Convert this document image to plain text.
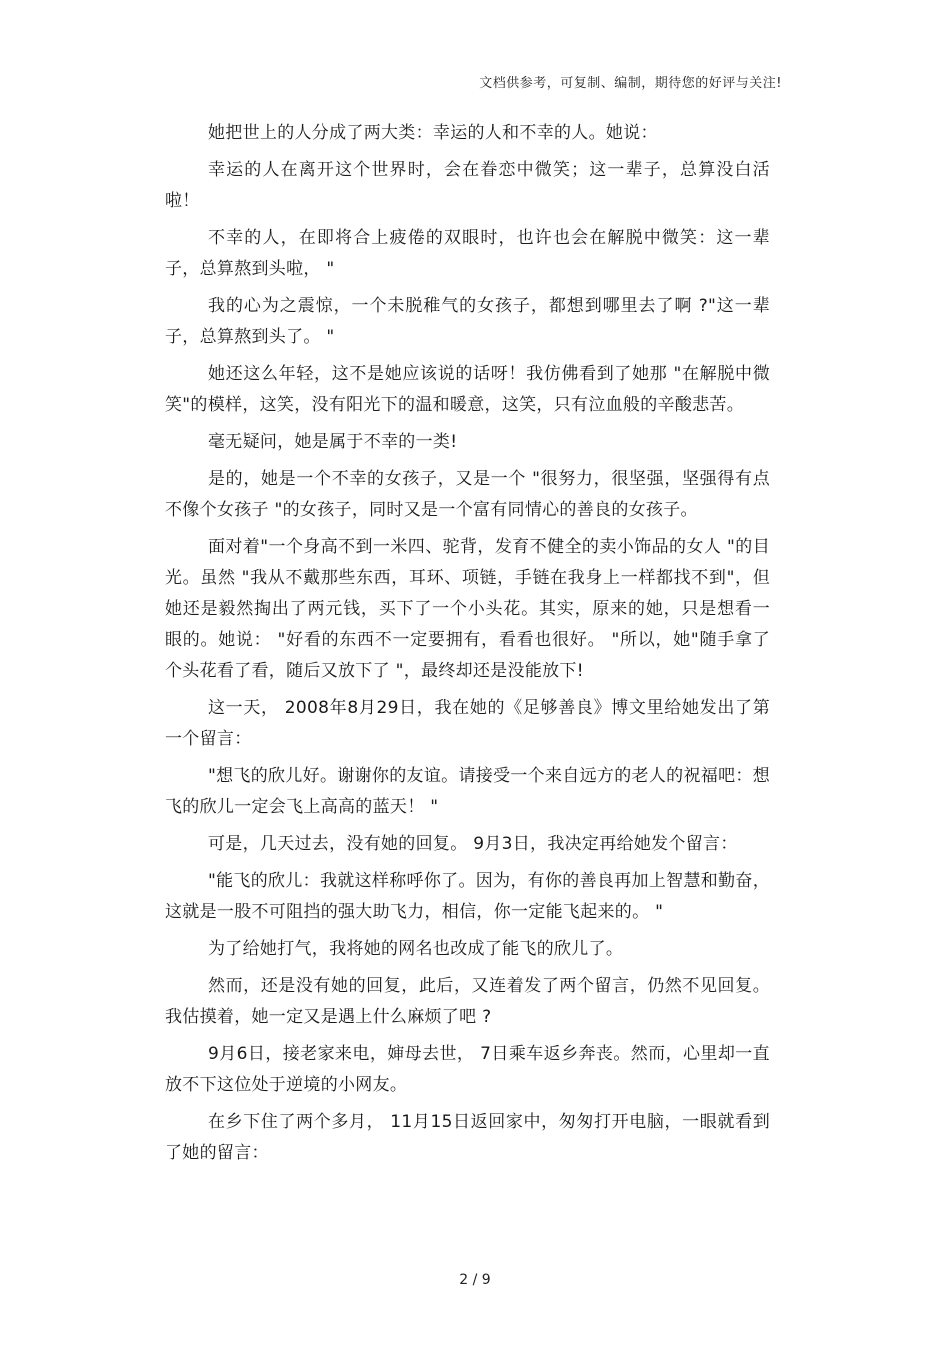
文档供参考，可复制、编制，期待您的好评与关注!

她把世上的人分成了两大类：幸运的人和不幸的人。她说：

幸运的人在离开这个世界时，会在眷恋中微笑；这一辈子，总算没白活啦！

不幸的人，在即将合上疲倦的双眼时，也许也会在解脱中微笑：这一辈子，总算熬到头啦， "

我的心为之震惊，一个未脱稚气的女孩子，都想到哪里去了啊 ?"这一辈子，总算熬到头了。 "

她还这么年轻，这不是她应该说的话呀！我仿佛看到了她那 "在解脱中微笑"的模样，这笑，没有阳光下的温和暖意，这笑，只有泣血般的辛酸悲苦。

毫无疑问，她是属于不幸的一类!

是的，她是一个不幸的女孩子，又是一个 "很努力，很坚强，坚强得有点不像个女孩子 "的女孩子，同时又是一个富有同情心的善良的女孩子。

面对着"一个身高不到一米四、驼背，发育不健全的卖小饰品的女人 "的目光。虽然 "我从不戴那些东西，耳环、项链，手链在我身上一样都找不到"，但她还是毅然掏出了两元钱，买下了一个小头花。其实，原来的她，只是想看一眼的。她说： "好看的东西不一定要拥有，看看也很好。 "所以，她"随手拿了个头花看了看，随后又放下了 "，最终却还是没能放下!

这一天， 2008年8月29日，我在她的《足够善良》博文里给她发出了第一个留言：

"想飞的欣儿好。谢谢你的友谊。请接受一个来自远方的老人的祝福吧：想飞的欣儿一定会飞上高高的蓝天！ "

可是，几天过去，没有她的回复。 9月3日，我决定再给她发个留言：

"能飞的欣儿：我就这样称呼你了。因为，有你的善良再加上智慧和勤奋，这就是一股不可阻挡的强大助飞力，相信，你一定能飞起来的。 "

为了给她打气，我将她的网名也改成了能飞的欣儿了。

然而，还是没有她的回复，此后，又连着发了两个留言，仍然不见回复。我估摸着，她一定又是遇上什么麻烦了吧 ?

9月6日，接老家来电，婶母去世， 7日乘车返乡奔丧。然而，心里却一直放不下这位处于逆境的小网友。

在乡下住了两个多月， 11月15日返回家中，匆匆打开电脑，一眼就看到了她的留言：

2 / 9
